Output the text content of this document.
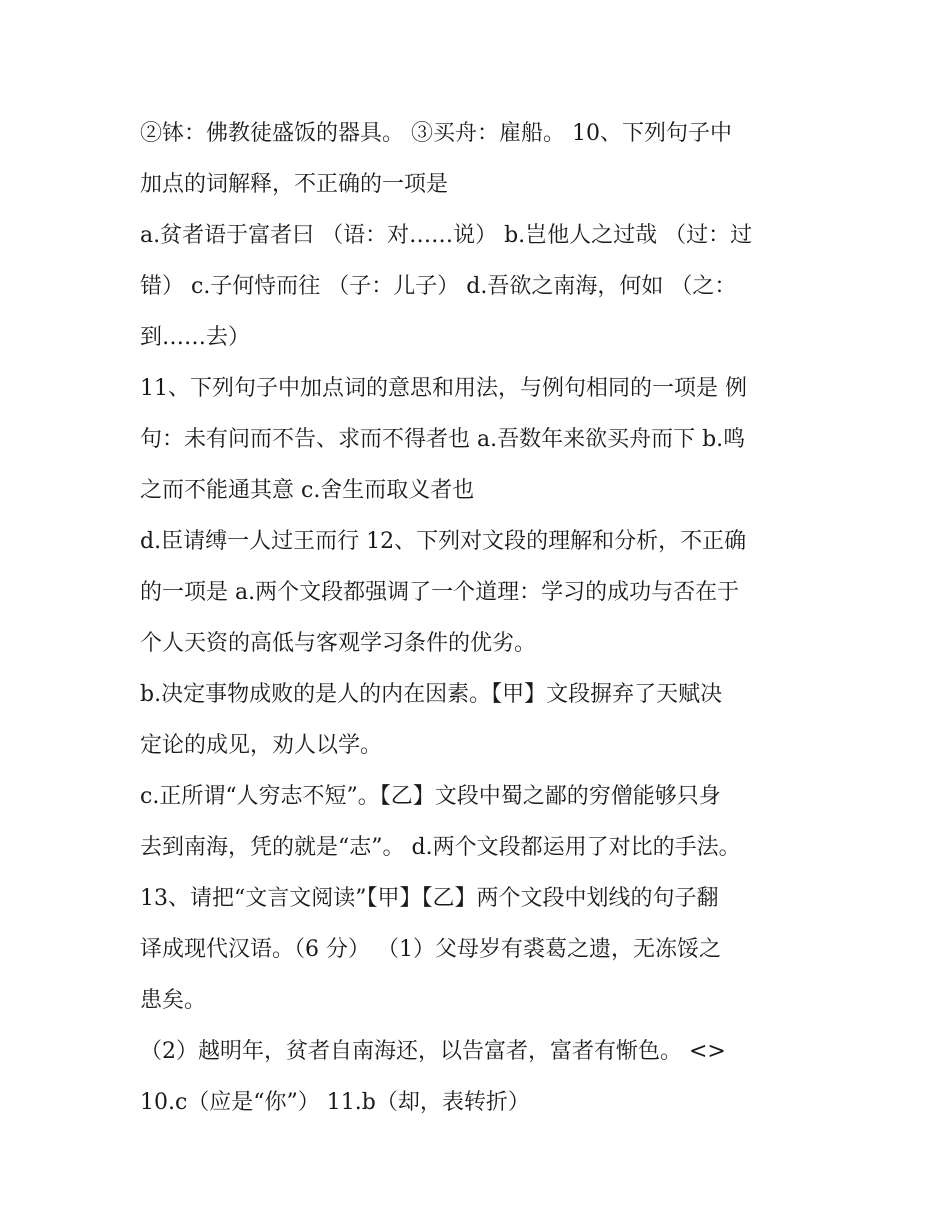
②钵：佛教徒盛饭的器具。 ③买舟：雇船。 10、下列句子中
加点的词解释，不正确的一项是
a.贫者语于富者曰 （语：对……说） b.岂他人之过哉 （过：过
错） c.子何恃而往 （子：儿子） d.吾欲之南海，何如 （之：
到……去）
11、下列句子中加点词的意思和用法，与例句相同的一项是 例
句：未有问而不告、求而不得者也 a.吾数年来欲买舟而下 b.鸣
之而不能通其意 c.舍生而取义者也
d.臣请缚一人过王而行 12、下列对文段的理解和分析，不正确
的一项是 a.两个文段都强调了一个道理：学习的成功与否在于
个人天资的高低与客观学习条件的优劣。
b.决定事物成败的是人的内在因素。【甲】文段摒弃了天赋决
定论的成见，劝人以学。
c.正所谓“人穷志不短”。【乙】文段中蜀之鄙的穷僧能够只身
去到南海，凭的就是“志”。 d.两个文段都运用了对比的手法。
13、请把“文言文阅读”【甲】【乙】两个文段中划线的句子翻
译成现代汉语。（6 分） （1）父母岁有裘葛之遗，无冻馁之
患矣。
（2）越明年，贫者自南海还，以告富者，富者有惭色。 <>
10.c（应是“你”） 11.b（却，表转折）
